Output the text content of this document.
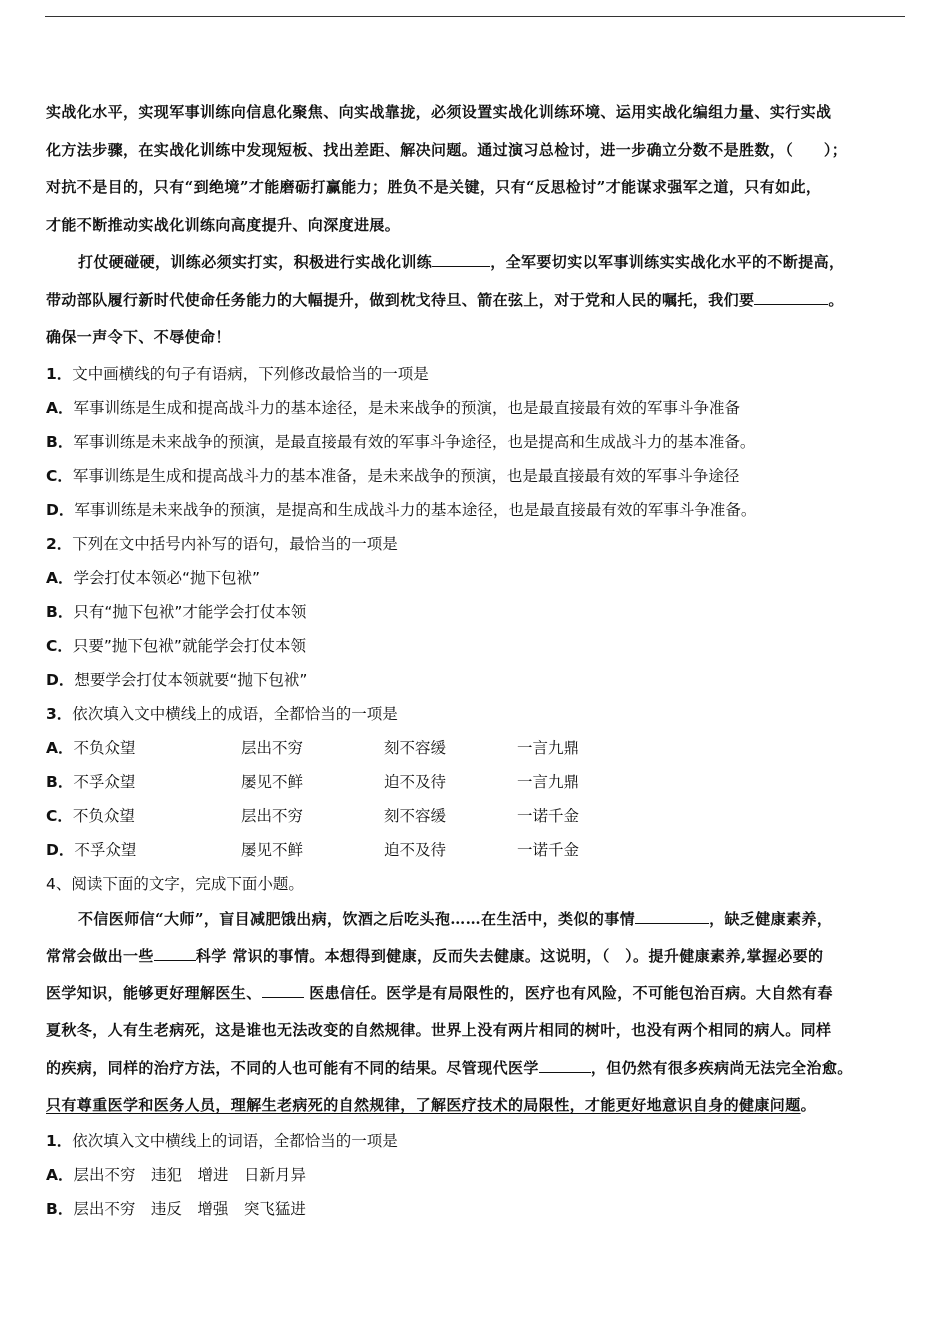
实战化水平，实现军事训练向信息化聚焦、向实战靠拢，必须设置实战化训练环境、运用实战化编组力量、实行实战

化方法步骤，在实战化训练中发现短板、找出差距、解决问题。通过演习总检讨，进一步确立分数不是胜数，（　　）；

对抗不是目的，只有“到绝境”才能磨砺打赢能力；胜负不是关键，只有“反思检讨”才能谋求强军之道，只有如此，

才能不断推动实战化训练向高度提升、向深度进展。

打仗硬碰硬，训练必须实打实，积极进行实战化训练	，全军要切实以军事训练实实战化水平的不断提高，

带动部队履行新时代使命任务能力的大幅提升，做到枕戈待旦、箭在弦上，对于党和人民的嘱托，我们要	。

确保一声令下、不辱使命！

1．文中画横线的句子有语病，下列修改最恰当的一项是

A．军事训练是生成和提高战斗力的基本途径，是未来战争的预演，也是最直接最有效的军事斗争准备

B．军事训练是未来战争的预演，是最直接最有效的军事斗争途径，也是提高和生成战斗力的基本准备。

C．军事训练是生成和提高战斗力的基本准备，是未来战争的预演，也是最直接最有效的军事斗争途径

D．军事训练是未来战争的预演，是提高和生成战斗力的基本途径，也是最直接最有效的军事斗争准备。

2．下列在文中括号内补写的语句，最恰当的一项是

A．学会打仗本领必“抛下包袱”

B．只有“抛下包袱”才能学会打仗本领

C．只要”抛下包袱”就能学会打仗本领

D．想要学会打仗本领就要“抛下包袱”

3．依次填入文中横线上的成语，全都恰当的一项是

A．不负众望	层出不穷	刻不容缓	一言九鼎
B．不孚众望	屡见不鲜	迫不及待	一言九鼎
C．不负众望	层出不穷	刻不容缓	一诺千金
D．不孚众望	屡见不鲜	迫不及待	一诺千金

4、阅读下面的文字，完成下面小题。

不信医师信“大师”，盲目减肥饿出病，饮酒之后吃头孢……在生活中，类似的事情	，缺乏健康素养，

常常会做出一些	科学 常识的事情。本想得到健康，反而失去健康。这说明，（　）。提升健康素养,掌握必要的

医学知识，能够更好理解医生、	医患信任。医学是有局限性的，医疗也有风险，不可能包治百病。大自然有春

夏秋冬，人有生老病死，这是谁也无法改变的自然规律。世界上没有两片相同的树叶，也没有两个相同的病人。同样

的疾病，同样的治疗方法，不同的人也可能有不同的结果。尽管现代医学	，但仍然有很多疾病尚无法完全治愈。

只有尊重医学和医务人员，理解生老病死的自然规律，了解医疗技术的局限性，才能更好地意识自身的健康问题。

1．依次填入文中横线上的词语，全都恰当的一项是

A．层出不穷　违犯　增进　日新月异

B．层出不穷　违反　增强　突飞猛进
